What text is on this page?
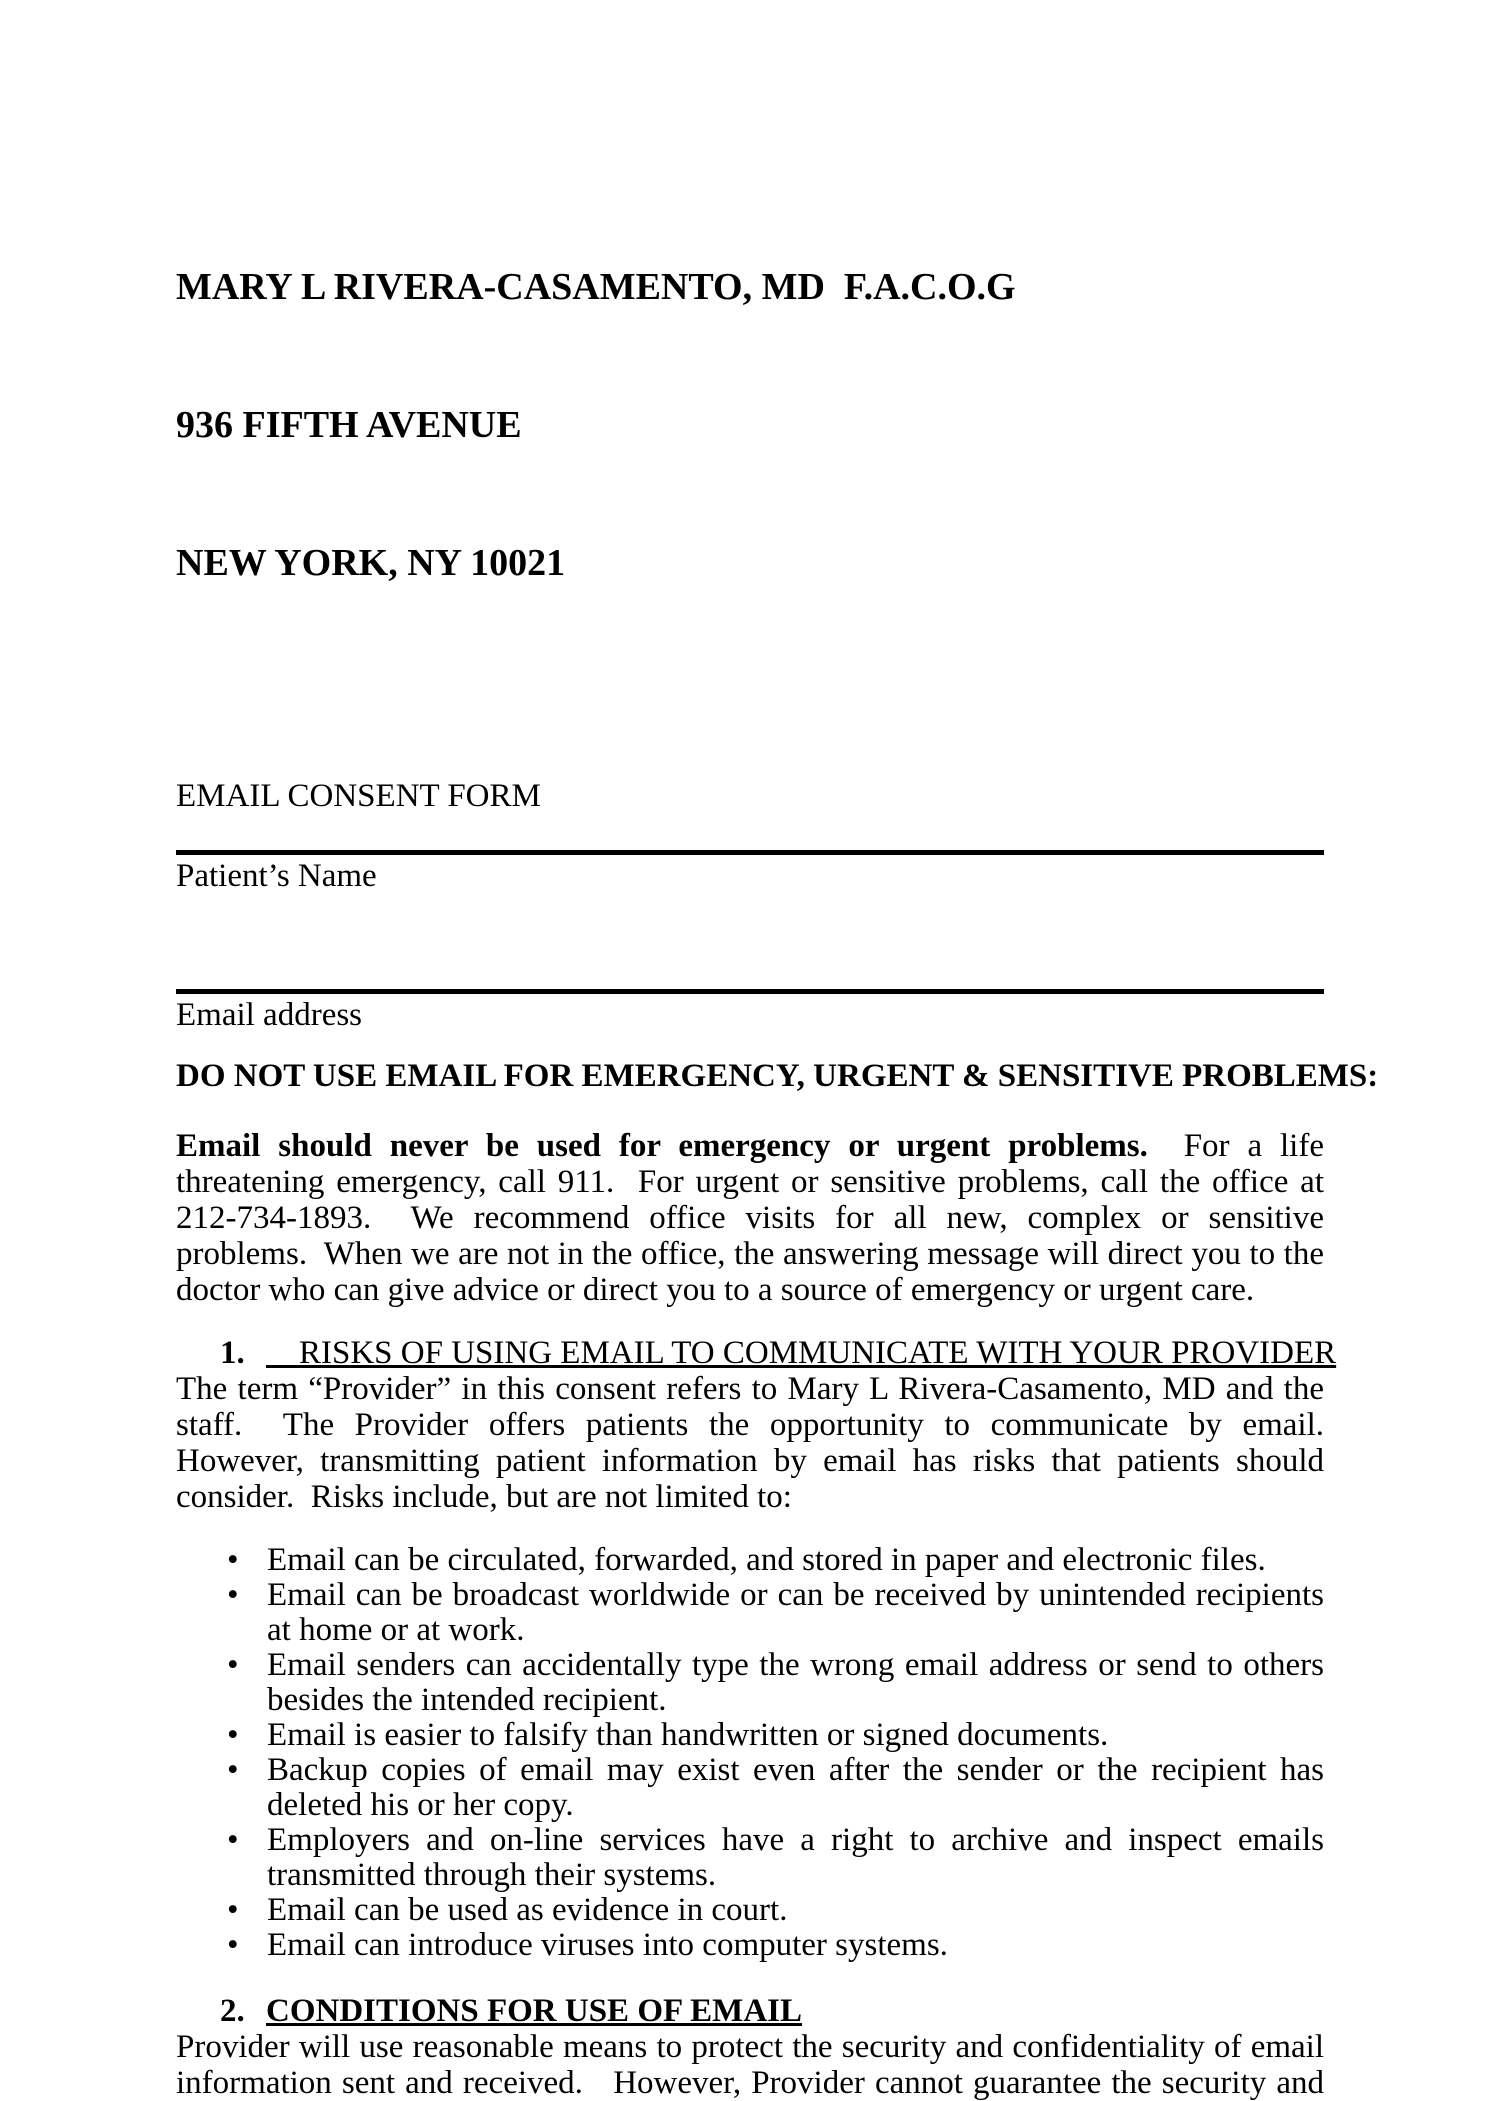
MARY L RIVERA-CASAMENTO, MD  F.A.C.O.G

936 FIFTH AVENUE

NEW YORK, NY 10021

EMAIL CONSENT FORM
Patient’s Name
Email address
DO NOT USE EMAIL FOR EMERGENCY, URGENT & SENSITIVE PROBLEMS:
Email should never be used for emergency or urgent problems.  For a life threatening emergency, call 911.  For urgent or sensitive problems, call the office at 212-734-1893.  We recommend office visits for all new, complex or sensitive problems.  When we are not in the office, the answering message will direct you to the doctor who can give advice or direct you to a source of emergency or urgent care.
1. RISKS OF USING EMAIL TO COMMUNICATE WITH YOUR PROVIDER
The term “Provider” in this consent refers to Mary L Rivera-Casamento, MD and the staff.  The Provider offers patients the opportunity to communicate by email.  However, transmitting patient information by email has risks that patients should consider.  Risks include, but are not limited to:
• Email can be circulated, forwarded, and stored in paper and electronic files.
• Email can be broadcast worldwide or can be received by unintended recipients at home or at work.
• Email senders can accidentally type the wrong email address or send to others besides the intended recipient.
• Email is easier to falsify than handwritten or signed documents.
• Backup copies of email may exist even after the sender or the recipient has deleted his or her copy.
• Employers and on-line services have a right to archive and inspect emails transmitted through their systems.
• Email can be used as evidence in court.
• Email can introduce viruses into computer systems.
2. CONDITIONS FOR USE OF EMAIL
Provider will use reasonable means to protect the security and confidentiality of email information sent and received.   However, Provider cannot guarantee the security and
